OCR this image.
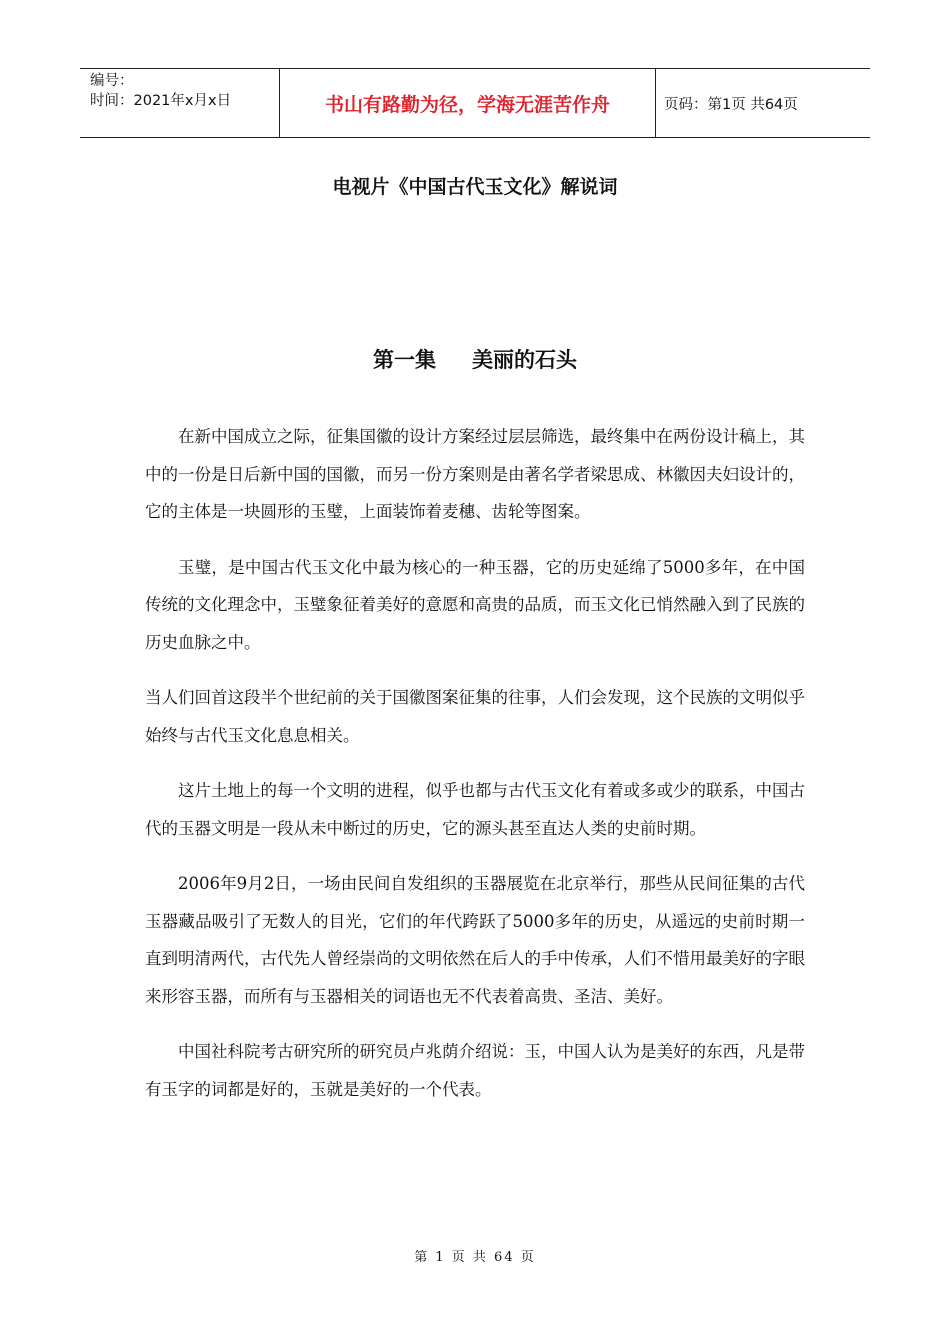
编号：
时间：2021年x月x日	书山有路勤为径，学海无涯苦作舟	页码：第1页 共64页
电视片《中国古代玉文化》解说词
第一集 美丽的石头

在新中国成立之际，征集国徽的设计方案经过层层筛选，最终集中在两份设计稿上，其中的一份是日后新中国的国徽，而另一份方案则是由著名学者梁思成、林徽因夫妇设计的，它的主体是一块圆形的玉璧，上面装饰着麦穗、齿轮等图案。

玉璧，是中国古代玉文化中最为核心的一种玉器，它的历史延绵了5000多年，在中国传统的文化理念中，玉璧象征着美好的意愿和高贵的品质，而玉文化已悄然融入到了民族的历史血脉之中。

当人们回首这段半个世纪前的关于国徽图案征集的往事，人们会发现，这个民族的文明似乎始终与古代玉文化息息相关。

这片土地上的每一个文明的进程，似乎也都与古代玉文化有着或多或少的联系，中国古代的玉器文明是一段从未中断过的历史，它的源头甚至直达人类的史前时期。

2006年9月2日，一场由民间自发组织的玉器展览在北京举行，那些从民间征集的古代玉器藏品吸引了无数人的目光，它们的年代跨跃了5000多年的历史，从遥远的史前时期一直到明清两代，古代先人曾经崇尚的文明依然在后人的手中传承，人们不惜用最美好的字眼来形容玉器，而所有与玉器相关的词语也无不代表着高贵、圣洁、美好。

中国社科院考古研究所的研究员卢兆荫介绍说：玉，中国人认为是美好的东西，凡是带有玉字的词都是好的，玉就是美好的一个代表。

第 1 页 共 64 页
